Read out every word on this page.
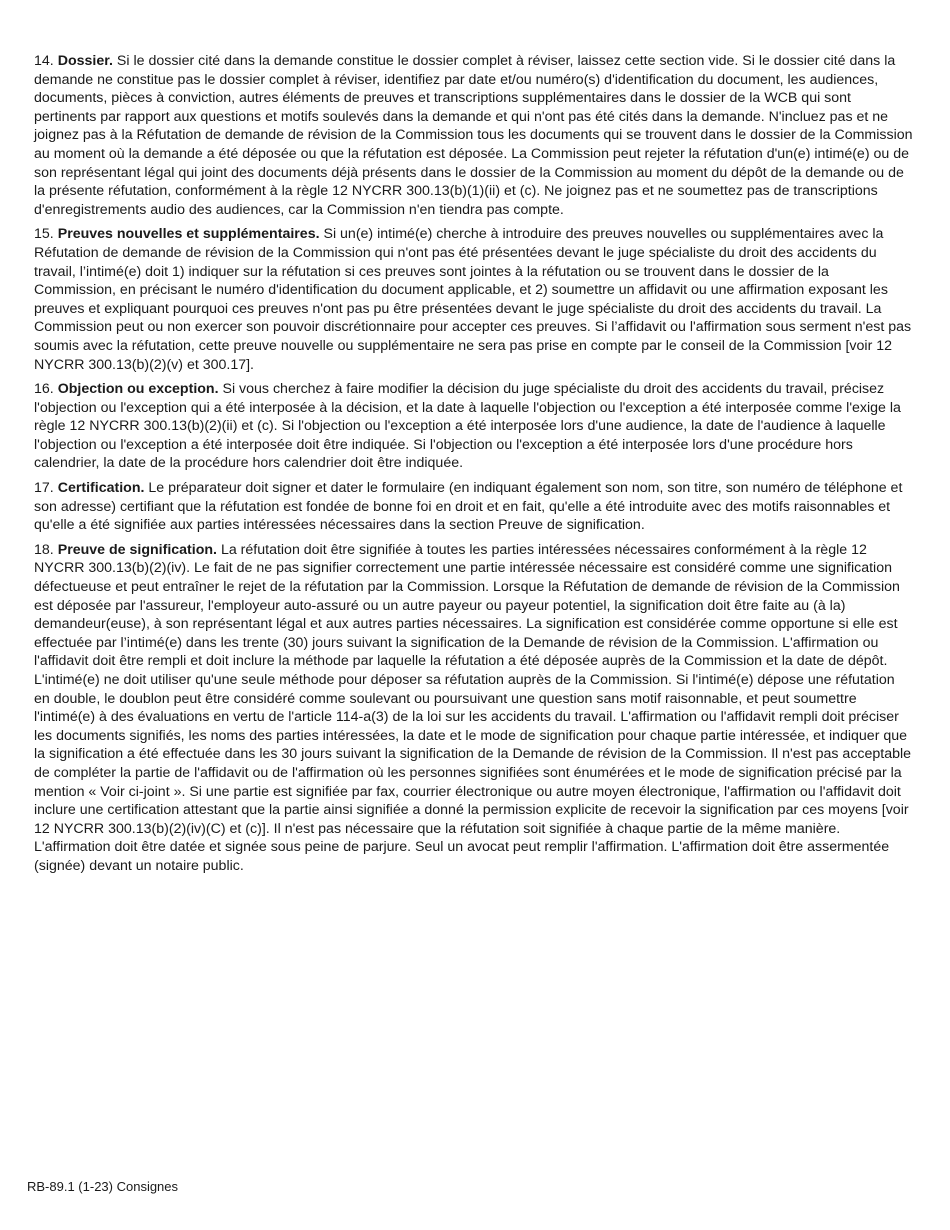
14. Dossier. Si le dossier cité dans la demande constitue le dossier complet à réviser, laissez cette section vide. Si le dossier cité dans la demande ne constitue pas le dossier complet à réviser, identifiez par date et/ou numéro(s) d'identification du document, les audiences, documents, pièces à conviction, autres éléments de preuves et transcriptions supplémentaires dans le dossier de la WCB qui sont pertinents par rapport aux questions et motifs soulevés dans la demande et qui n'ont pas été cités dans la demande. N'incluez pas et ne joignez pas à la Réfutation de demande de révision de la Commission tous les documents qui se trouvent dans le dossier de la Commission au moment où la demande a été déposée ou que la réfutation est déposée. La Commission peut rejeter la réfutation d'un(e) intimé(e) ou de son représentant légal qui joint des documents déjà présents dans le dossier de la Commission au moment du dépôt de la demande ou de la présente réfutation, conformément à la règle 12 NYCRR 300.13(b)(1)(ii) et (c). Ne joignez pas et ne soumettez pas de transcriptions d'enregistrements audio des audiences, car la Commission n'en tiendra pas compte.

15. Preuves nouvelles et supplémentaires. Si un(e) intimé(e) cherche à introduire des preuves nouvelles ou supplémentaires avec la Réfutation de demande de révision de la Commission qui n'ont pas été présentées devant le juge spécialiste du droit des accidents du travail, l’intimé(e) doit 1) indiquer sur la réfutation si ces preuves sont jointes à la réfutation ou se trouvent dans le dossier de la Commission, en précisant le numéro d'identification du document applicable, et 2) soumettre un affidavit ou une affirmation exposant les preuves et expliquant pourquoi ces preuves n'ont pas pu être présentées devant le juge spécialiste du droit des accidents du travail. La Commission peut ou non exercer son pouvoir discrétionnaire pour accepter ces preuves. Si l’affidavit ou l'affirmation sous serment n'est pas soumis avec la réfutation, cette preuve nouvelle ou supplémentaire ne sera pas prise en compte par le conseil de la Commission [voir 12 NYCRR 300.13(b)(2)(v) et 300.17].

16. Objection ou exception. Si vous cherchez à faire modifier la décision du juge spécialiste du droit des accidents du travail, précisez l'objection ou l'exception qui a été interposée à la décision, et la date à laquelle l'objection ou l'exception a été interposée comme l'exige la règle 12 NYCRR 300.13(b)(2)(ii) et (c). Si l'objection ou l'exception a été interposée lors d'une audience, la date de l'audience à laquelle l'objection ou l'exception a été interposée doit être indiquée. Si l'objection ou l'exception a été interposée lors d'une procédure hors calendrier, la date de la procédure hors calendrier doit être indiquée.

17. Certification. Le préparateur doit signer et dater le formulaire (en indiquant également son nom, son titre, son numéro de téléphone et son adresse) certifiant que la réfutation est fondée de bonne foi en droit et en fait, qu'elle a été introduite avec des motifs raisonnables et qu'elle a été signifiée aux parties intéressées nécessaires dans la section Preuve de signification.

18. Preuve de signification. La réfutation doit être signifiée à toutes les parties intéressées nécessaires conformément à la règle 12 NYCRR 300.13(b)(2)(iv). Le fait de ne pas signifier correctement une partie intéressée nécessaire est considéré comme une signification défectueuse et peut entraîner le rejet de la réfutation par la Commission. Lorsque la Réfutation de demande de révision de la Commission est déposée par l'assureur, l'employeur auto-assuré ou un autre payeur ou payeur potentiel, la signification doit être faite au (à la) demandeur(euse), à son représentant légal et aux autres parties nécessaires. La signification est considérée comme opportune si elle est effectuée par l’intimé(e) dans les trente (30) jours suivant la signification de la Demande de révision de la Commission. L'affirmation ou l'affidavit doit être rempli et doit inclure la méthode par laquelle la réfutation a été déposée auprès de la Commission et la date de dépôt. L'intimé(e) ne doit utiliser qu'une seule méthode pour déposer sa réfutation auprès de la Commission. Si l'intimé(e) dépose une réfutation en double, le doublon peut être considéré comme soulevant ou poursuivant une question sans motif raisonnable, et peut soumettre l'intimé(e) à des évaluations en vertu de l'article 114-a(3) de la loi sur les accidents du travail. L'affirmation ou l'affidavit rempli doit préciser les documents signifiés, les noms des parties intéressées, la date et le mode de signification pour chaque partie intéressée, et indiquer que la signification a été effectuée dans les 30 jours suivant la signification de la Demande de révision de la Commission. Il n'est pas acceptable de compléter la partie de l'affidavit ou de l'affirmation où les personnes signifiées sont énumérées et le mode de signification précisé par la mention « Voir ci-joint ». Si une partie est signifiée par fax, courrier électronique ou autre moyen électronique, l'affirmation ou l'affidavit doit inclure une certification attestant que la partie ainsi signifiée a donné la permission explicite de recevoir la signification par ces moyens [voir 12 NYCRR 300.13(b)(2)(iv)(C) et (c)]. Il n'est pas nécessaire que la réfutation soit signifiée à chaque partie de la même manière. L'affirmation doit être datée et signée sous peine de parjure. Seul un avocat peut remplir l'affirmation. L'affirmation doit être assermentée (signée) devant un notaire public.

RB-89.1 (1-23) Consignes
